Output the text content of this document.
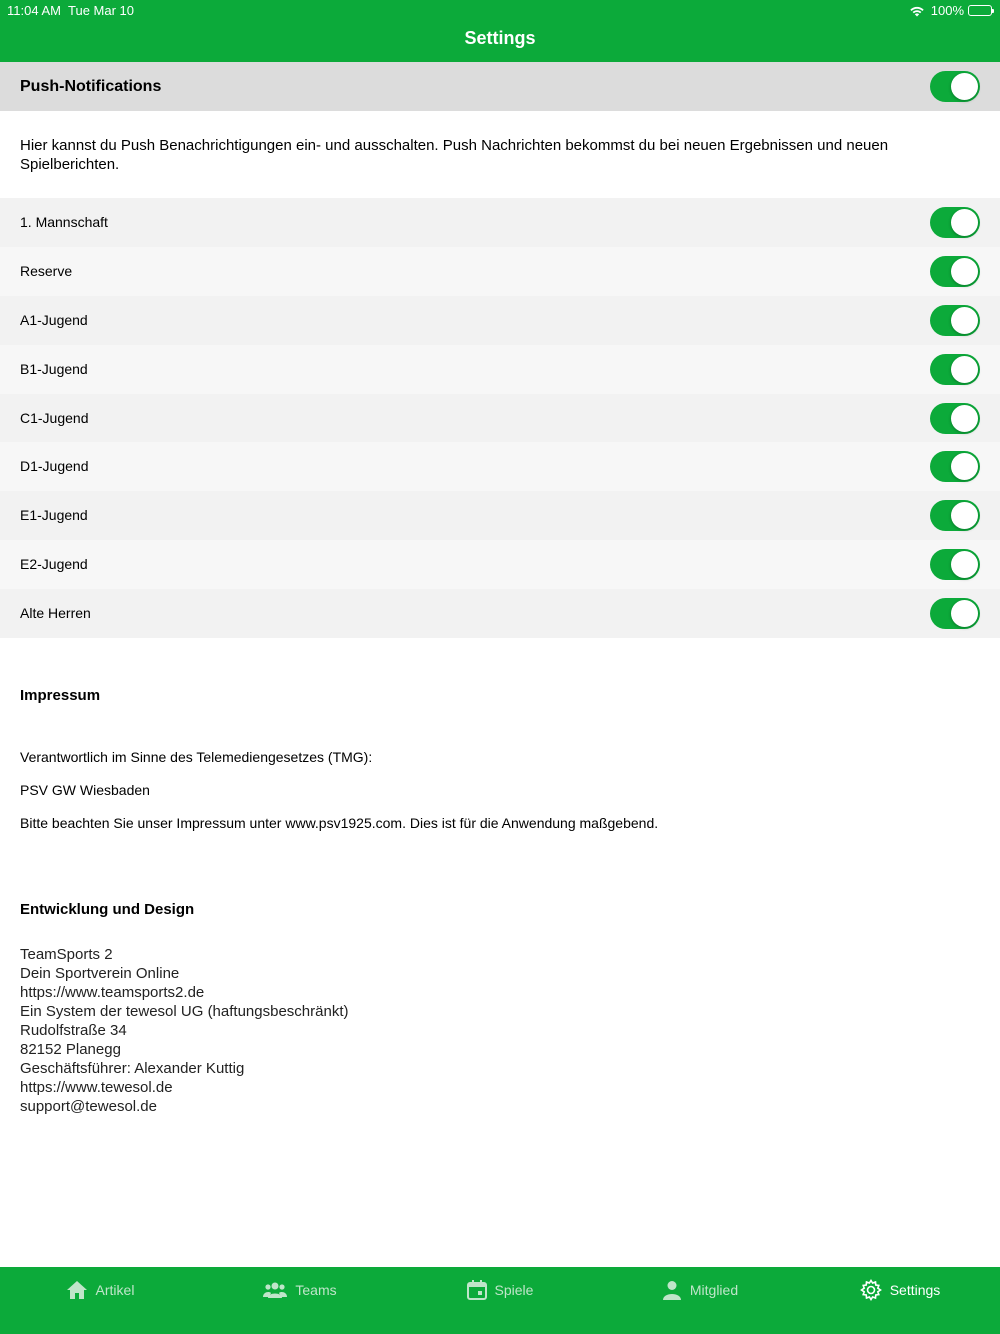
11:04 AM Tue Mar 10	100%
Settings
Push-Notifications

Hier kannst du Push Benachrichtigungen ein- und ausschalten. Push Nachrichten bekommst du bei neuen Ergebnissen und neuen Spielberichten.

1. Mannschaft
Reserve
A1-Jugend
B1-Jugend
C1-Jugend
D1-Jugend
E1-Jugend
E2-Jugend
Alte Herren
Impressum
Verantwortlich im Sinne des Telemediengesetzes (TMG):
PSV GW Wiesbaden
Bitte beachten Sie unser Impressum unter www.psv1925.com. Dies ist für die Anwendung maßgebend.
Entwicklung und Design
TeamSports 2
Dein Sportverein Online
https://www.teamsports2.de
Ein System der tewesol UG (haftungsbeschränkt)
Rudolfstraße 34
82152 Planegg
Geschäftsführer: Alexander Kuttig
https://www.tewesol.de
support@tewesol.de
Artikel	Teams	Spiele	Mitglied	Settings
